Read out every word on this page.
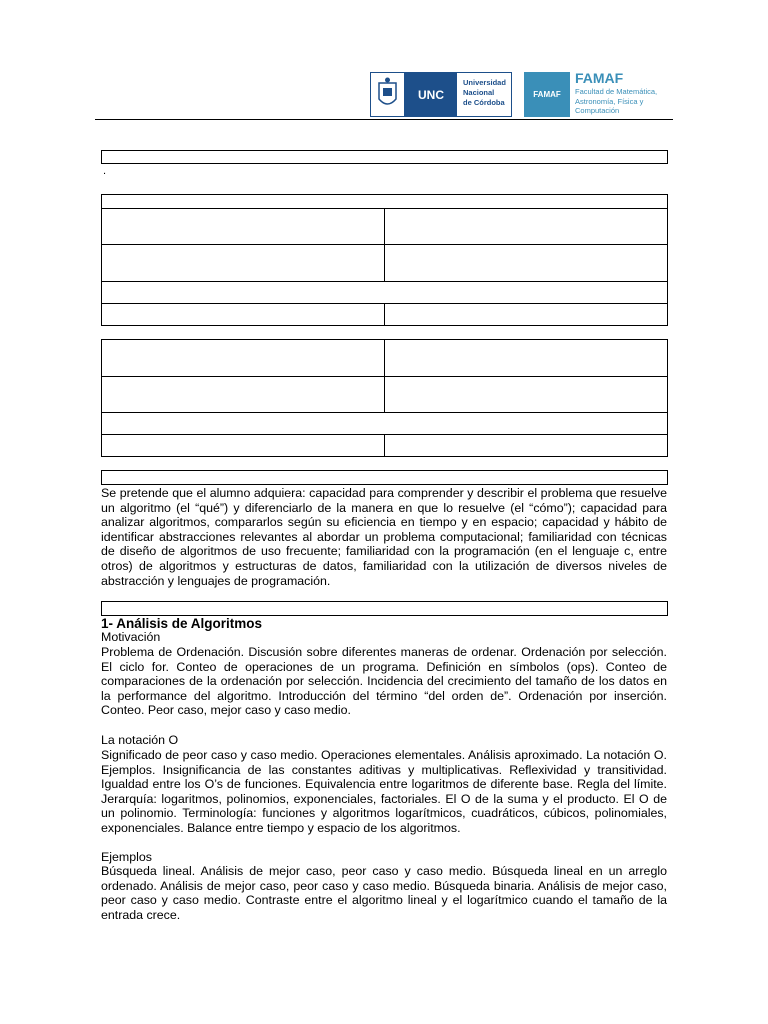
UNC
Universidad
Nacional
de Córdoba
FAMAF
FAMAF
Facultad de Matemática,
Astronomía, Física y
Computación
.
Se pretende que el alumno adquiera: capacidad para comprender y describir el problema que resuelve un algoritmo (el “qué”) y diferenciarlo de la manera en que lo resuelve (el “cómo”); capacidad para analizar algoritmos, compararlos según su eficiencia en tiempo y en espacio; capacidad y hábito de identificar abstracciones relevantes al abordar un problema computacional; familiaridad con técnicas de diseño de algoritmos de uso frecuente; familiaridad con la programación (en el lenguaje c, entre otros) de algoritmos y estructuras de datos, familiaridad con la utilización de diversos niveles de abstracción y lenguajes de programación.
1- Análisis de Algoritmos
Motivación
Problema de Ordenación. Discusión sobre diferentes maneras de ordenar. Ordenación por selección. El ciclo for. Conteo de operaciones de un programa. Definición en símbolos (ops). Conteo de comparaciones de la ordenación por selección. Incidencia del crecimiento del tamaño de los datos en la performance del algoritmo. Introducción del término “del orden de”. Ordenación por inserción. Conteo. Peor caso, mejor caso y caso medio.
La notación O
Significado de peor caso y caso medio. Operaciones elementales. Análisis aproximado. La notación O. Ejemplos. Insignificancia de las constantes aditivas y multiplicativas. Reflexividad y transitividad. Igualdad entre los O’s de funciones. Equivalencia entre logaritmos de diferente base. Regla del límite. Jerarquía: logaritmos, polinomios, exponenciales, factoriales. El O de la suma y el producto. El O de un polinomio. Terminología: funciones y algoritmos logarítmicos, cuadráticos, cúbicos, polinomiales, exponenciales. Balance entre tiempo y espacio de los algoritmos.
Ejemplos
Búsqueda lineal. Análisis de mejor caso, peor caso y caso medio. Búsqueda lineal en un arreglo ordenado. Análisis de mejor caso, peor caso y caso medio. Búsqueda binaria. Análisis de mejor caso, peor caso y caso medio. Contraste entre el algoritmo lineal y el logarítmico cuando el tamaño de la entrada crece.
